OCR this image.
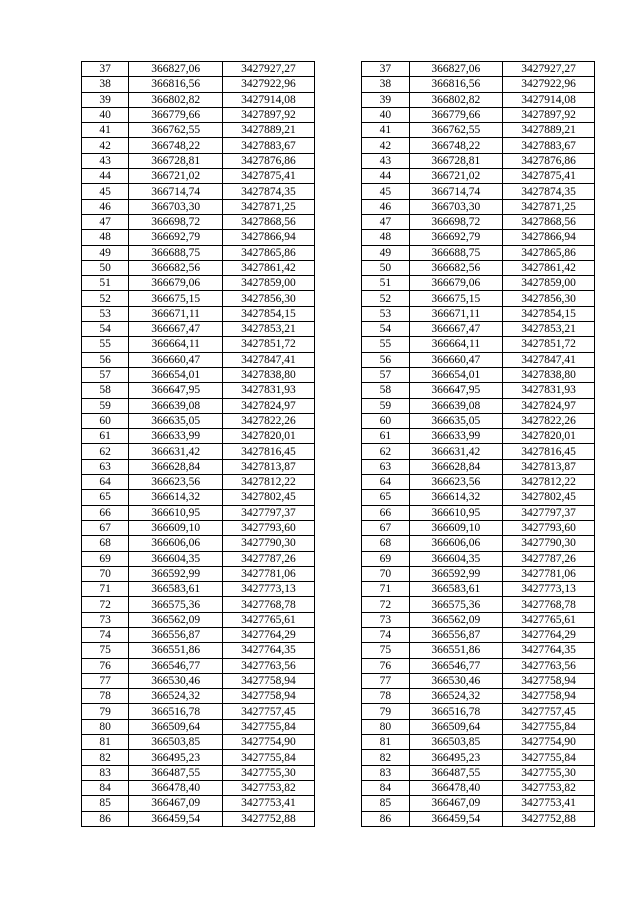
37	366827,06	3427927,27		37	366827,06	3427927,27
38	366816,56	3427922,96		38	366816,56	3427922,96
39	366802,82	3427914,08		39	366802,82	3427914,08
40	366779,66	3427897,92		40	366779,66	3427897,92
41	366762,55	3427889,21		41	366762,55	3427889,21
42	366748,22	3427883,67		42	366748,22	3427883,67
43	366728,81	3427876,86		43	366728,81	3427876,86
44	366721,02	3427875,41		44	366721,02	3427875,41
45	366714,74	3427874,35		45	366714,74	3427874,35
46	366703,30	3427871,25		46	366703,30	3427871,25
47	366698,72	3427868,56		47	366698,72	3427868,56
48	366692,79	3427866,94		48	366692,79	3427866,94
49	366688,75	3427865,86		49	366688,75	3427865,86
50	366682,56	3427861,42		50	366682,56	3427861,42
51	366679,06	3427859,00		51	366679,06	3427859,00
52	366675,15	3427856,30		52	366675,15	3427856,30
53	366671,11	3427854,15		53	366671,11	3427854,15
54	366667,47	3427853,21		54	366667,47	3427853,21
55	366664,11	3427851,72		55	366664,11	3427851,72
56	366660,47	3427847,41		56	366660,47	3427847,41
57	366654,01	3427838,80		57	366654,01	3427838,80
58	366647,95	3427831,93		58	366647,95	3427831,93
59	366639,08	3427824,97		59	366639,08	3427824,97
60	366635,05	3427822,26		60	366635,05	3427822,26
61	366633,99	3427820,01		61	366633,99	3427820,01
62	366631,42	3427816,45		62	366631,42	3427816,45
63	366628,84	3427813,87		63	366628,84	3427813,87
64	366623,56	3427812,22		64	366623,56	3427812,22
65	366614,32	3427802,45		65	366614,32	3427802,45
66	366610,95	3427797,37		66	366610,95	3427797,37
67	366609,10	3427793,60		67	366609,10	3427793,60
68	366606,06	3427790,30		68	366606,06	3427790,30
69	366604,35	3427787,26		69	366604,35	3427787,26
70	366592,99	3427781,06		70	366592,99	3427781,06
71	366583,61	3427773,13		71	366583,61	3427773,13
72	366575,36	3427768,78		72	366575,36	3427768,78
73	366562,09	3427765,61		73	366562,09	3427765,61
74	366556,87	3427764,29		74	366556,87	3427764,29
75	366551,86	3427764,35		75	366551,86	3427764,35
76	366546,77	3427763,56		76	366546,77	3427763,56
77	366530,46	3427758,94		77	366530,46	3427758,94
78	366524,32	3427758,94		78	366524,32	3427758,94
79	366516,78	3427757,45		79	366516,78	3427757,45
80	366509,64	3427755,84		80	366509,64	3427755,84
81	366503,85	3427754,90		81	366503,85	3427754,90
82	366495,23	3427755,84		82	366495,23	3427755,84
83	366487,55	3427755,30		83	366487,55	3427755,30
84	366478,40	3427753,82		84	366478,40	3427753,82
85	366467,09	3427753,41		85	366467,09	3427753,41
86	366459,54	3427752,88		86	366459,54	3427752,88
